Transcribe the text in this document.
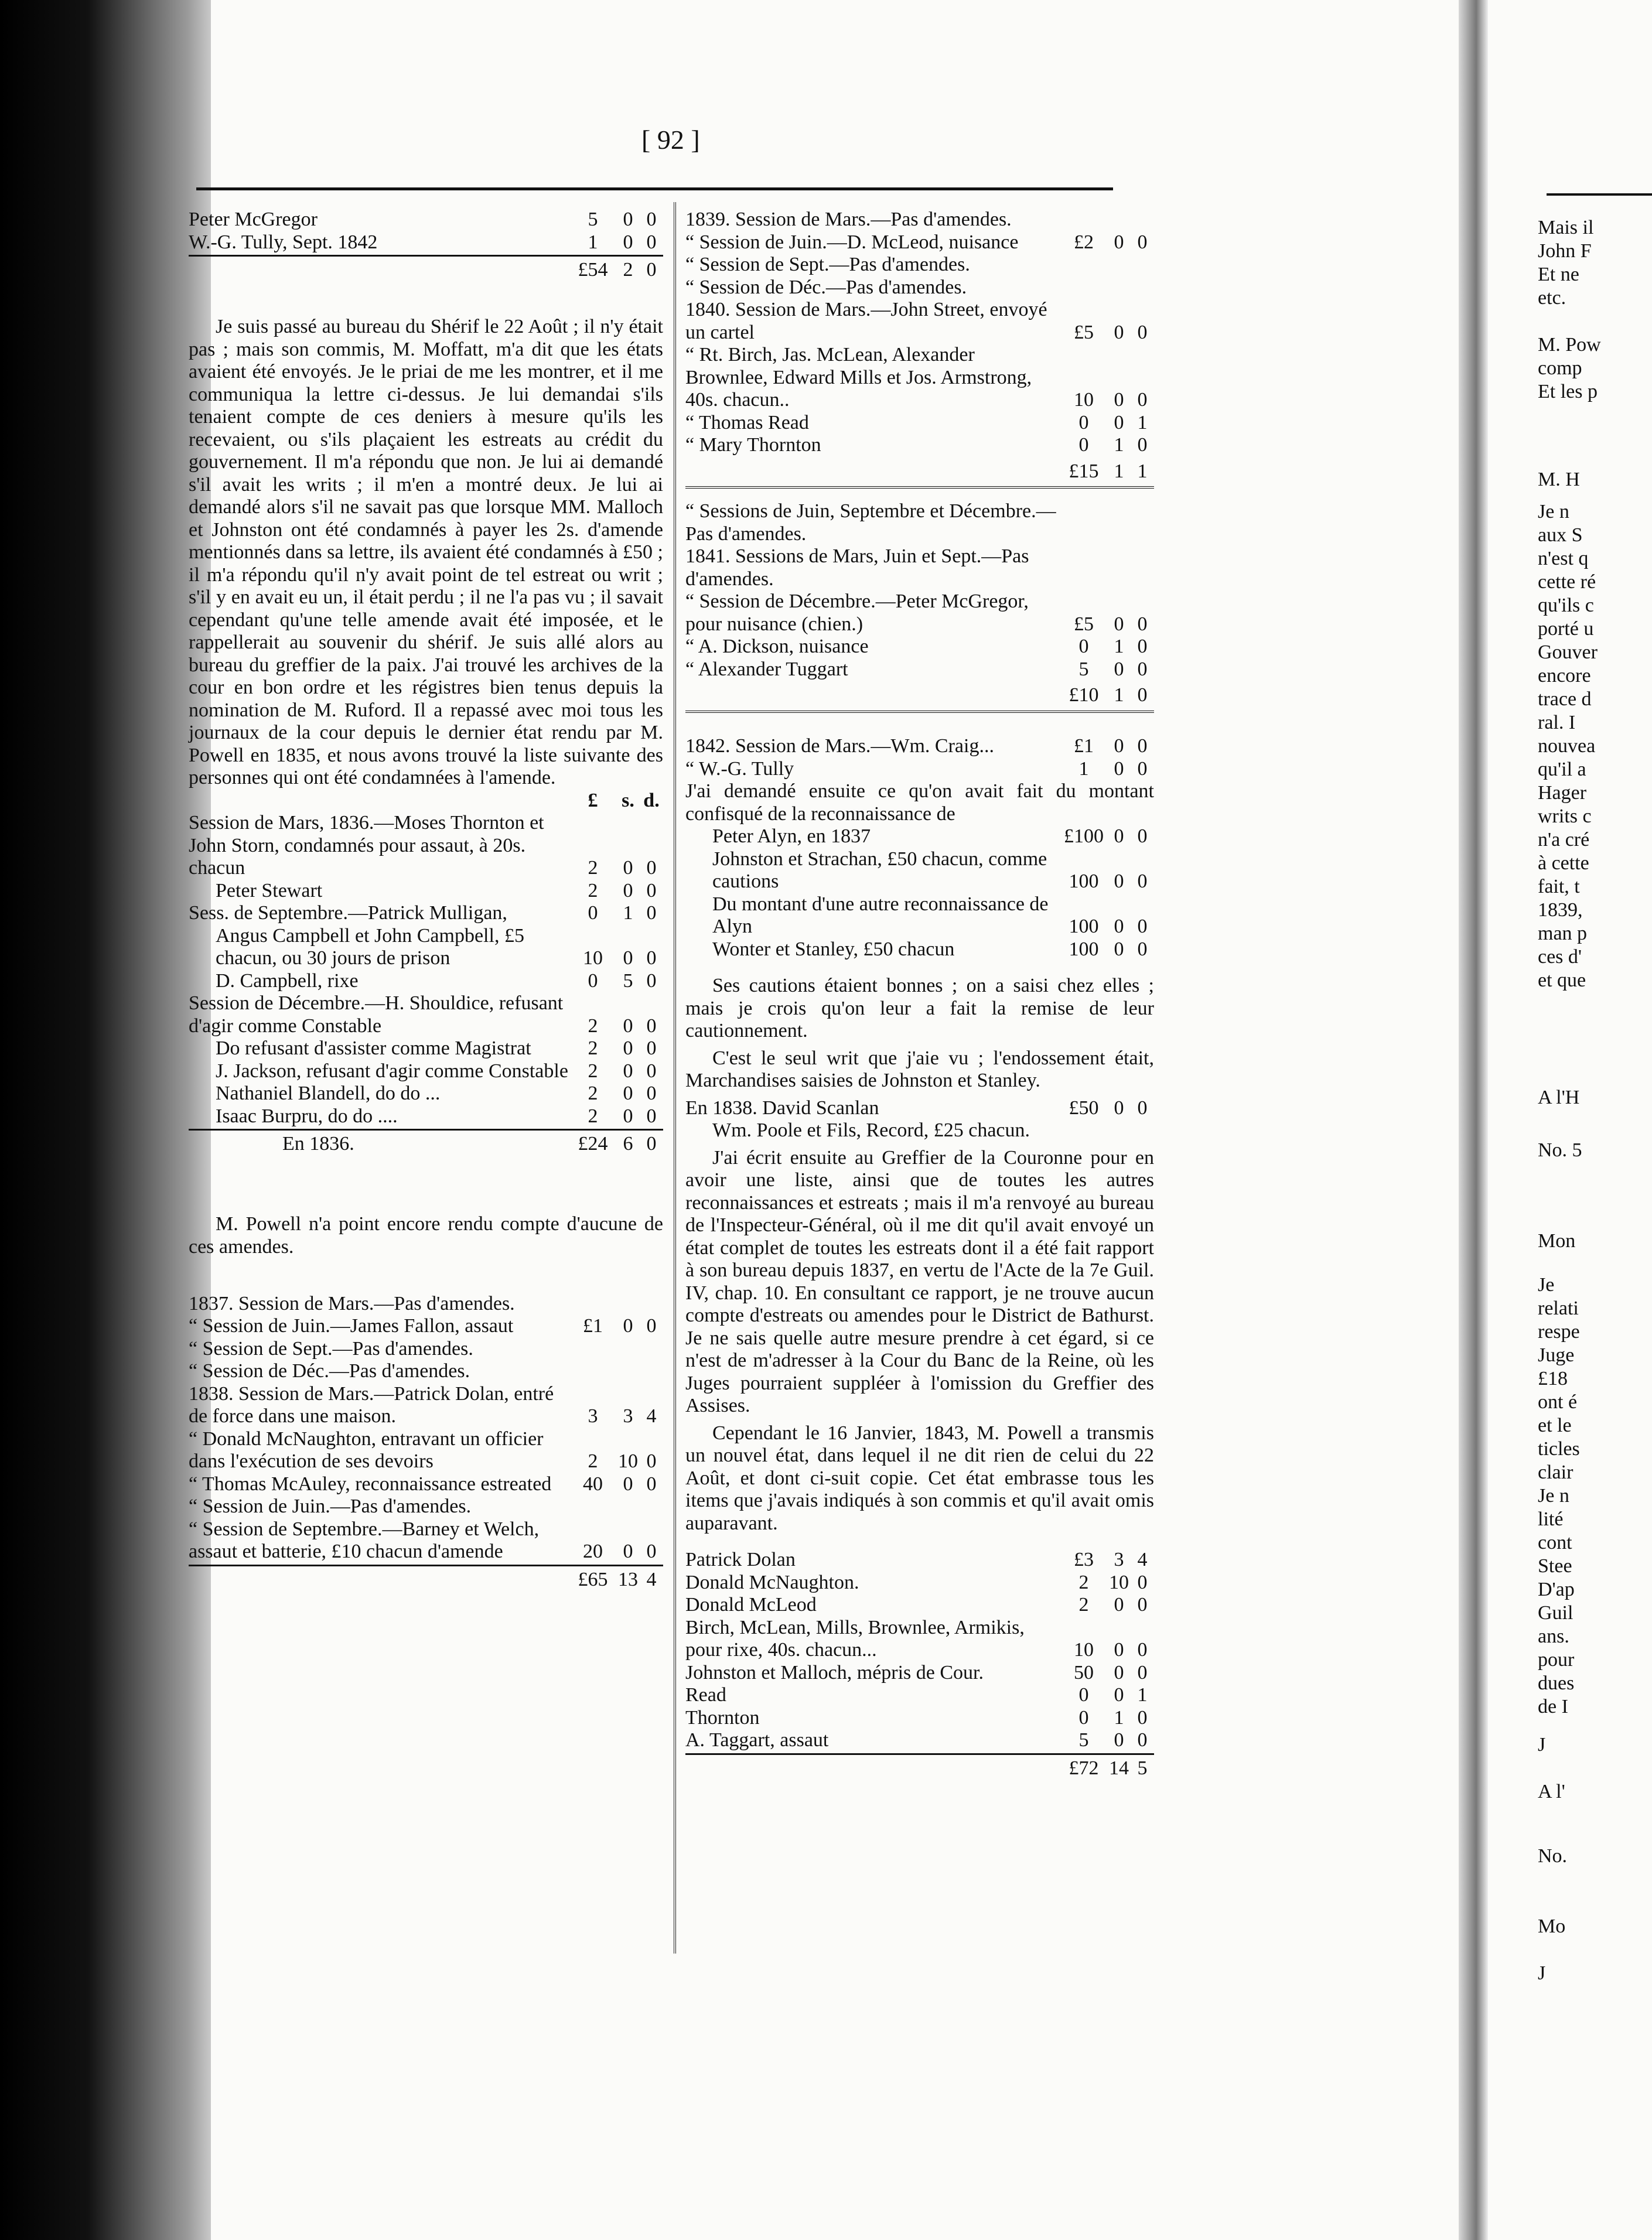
[ 92 ]
Peter McGregor	5	0 0
W.-G. Tully, Sept. 1842	1	0 0
£54 2 0

Je suis passé au bureau du Shérif le 22 Août ; il n'y était pas ; mais son commis, M. Moffatt, m'a dit que les états avaient été envoyés. Je le priai de me les montrer, et il me communiqua la lettre ci-dessus. Je lui demandai s'ils tenaient compte de ces deniers à mesure qu'ils les recevaient, ou s'ils plaçaient les estreats au crédit du gouvernement. Il m'a répondu que non. Je lui ai demandé s'il avait les writs ; il m'en a montré deux. Je lui ai demandé alors s'il ne savait pas que lorsque MM. Malloch et Johnston ont été condamnés à payer les 2s. d'amende mentionnés dans sa lettre, ils avaient été condamnés à £50 ; il m'a répondu qu'il n'y avait point de tel estreat ou writ ; s'il y en avait eu un, il était perdu ; il ne l'a pas vu ; il savait cependant qu'une telle amende avait été imposée, et le rappellerait au souvenir du shérif. Je suis allé alors au bureau du greffier de la paix. J'ai trouvé les archives de la cour en bon ordre et les régistres bien tenus depuis la nomination de M. Ruford. Il a repassé avec moi tous les journaux de la cour depuis le dernier état rendu par M. Powell en 1835, et nous avons trouvé la liste suivante des personnes qui ont été condamnées à l'amende.

£	s. d.
Session de Mars, 1836.—Moses Thornton et John Storn, condamnés pour assaut, à 20s. chacun	2	0 0
Peter Stewart	2	0 0
Sess. de Septembre.—Patrick Mulligan,	0	1 0
Angus Campbell et John Campbell, £5 chacun, ou 30 jours de prison	10	0 0
D. Campbell, rixe	0	5 0
Session de Décembre.—H. Shouldice, refusant d'agir comme Constable	2	0 0
Do refusant d'assister comme Magistrat	2	0 0
J. Jackson, refusant d'agir comme Constable 2	0 0
Nathaniel Blandell, do do ...	2	0 0
Isaac Burpru, do do ....	2	0 0
En 1836.	£24 6 0

M. Powell n'a point encore rendu compte d'aucune de ces amendes.

1837. Session de Mars.—Pas d'amendes.
“ Session de Juin.—James Fallon, assaut	£1	0 0
“ Session de Sept.—Pas d'amendes.
“ Session de Déc.—Pas d'amendes.
1838. Session de Mars.—Patrick Dolan, entré de force dans une maison.	3	3 4
“ Donald McNaughton, entravant un officier dans l'exécution de ses devoirs	2	10 0
“ Thomas McAuley, reconnaissance estreated	40	0 0
“ Session de Juin.—Pas d'amendes.
“ Session de Septembre.—Barney et Welch, assaut et batterie, £10 chacun d'amende	20	0 0
£65 13 4
1839. Session de Mars.—Pas d'amendes.
“ Session de Juin.—D. McLeod, nuisance	£2	0 0
“ Session de Sept.—Pas d'amendes.
“ Session de Déc.—Pas d'amendes.
1840. Session de Mars.—John Street, envoyé un cartel	£5	0 0
“ Rt. Birch, Jas. McLean, Alexander Brownlee, Edward Mills et Jos. Armstrong, 40s. chacun..	10	0 0
“ Thomas Read	0	0 1
“ Mary Thornton	0	1 0
£15 1 1
“ Sessions de Juin, Septembre et Décembre.—Pas d'amendes.
1841. Sessions de Mars, Juin et Sept.—Pas d'amendes.
“ Session de Décembre.—Peter McGregor, pour nuisance (chien.)	£5	0 0
“ A. Dickson, nuisance	0	1 0
“ Alexander Tuggart	5	0 0
£10 1 0
1842. Session de Mars.—Wm. Craig...	£1	0 0
“ W.-G. Tully	1	0 0

J'ai demandé ensuite ce qu'on avait fait du montant confisqué de la reconnaissance de

Peter Alyn, en 1837	£100 0 0
Johnston et Strachan, £50 chacun, comme cautions	100 0 0
Du montant d'une autre reconnaissance de Alyn	100 0 0
Wonter et Stanley, £50 chacun	100 0 0

Ses cautions étaient bonnes ; on a saisi chez elles ; mais je crois qu'on leur a fait la remise de leur cautionnement.

C'est le seul writ que j'aie vu ; l'endossement était, Marchandises saisies de Johnston et Stanley.

En 1838. David Scanlan	£50 0 0
Wm. Poole et Fils, Record, £25 chacun.

J'ai écrit ensuite au Greffier de la Couronne pour en avoir une liste, ainsi que de toutes les autres reconnaissances et estreats ; mais il m'a renvoyé au bureau de l'Inspecteur-Général, où il me dit qu'il avait envoyé un état complet de toutes les estreats dont il a été fait rapport à son bureau depuis 1837, en vertu de l'Acte de la 7e Guil. IV, chap. 10. En consultant ce rapport, je ne trouve aucun compte d'estreats ou amendes pour le District de Bathurst. Je ne sais quelle autre mesure prendre à cet égard, si ce n'est de m'adresser à la Cour du Banc de la Reine, où les Juges pourraient suppléer à l'omission du Greffier des Assises.

Cependant le 16 Janvier, 1843, M. Powell a transmis un nouvel état, dans lequel il ne dit rien de celui du 22 Août, et dont ci-suit copie. Cet état embrasse tous les items que j'avais indiqués à son commis et qu'il avait omis auparavant.

Patrick Dolan	£3	3 4
Donald McNaughton.	2	10 0
Donald McLeod	2	0 0
Birch, McLean, Mills, Brownlee, Armikis, pour rixe, 40s. chacun...	10	0 0
Johnston et Malloch, mépris de Cour.	50	0 0
Read	0	0 1
Thornton	0	1 0
A. Taggart, assaut	5	0 0
£72 14 5
Mais il
John F
Et ne
etc.
M. Pow
comp
Et les p
M. H
Je n
aux S
n'est q
cette ré
qu'ils c
porté u
Gouver
encore
trace d
ral. I
nouvea
qu'il a
Hager
writs c
n'a cré
à cette
fait, t
1839,
man p
ces d'
et que
A l'H
No. 5
Mon
Je
relati
respe
Juge
£18
ont é
et le
ticles
clair
Je n
lité
cont
Stee
D'ap
Guil
ans.
pour
dues
de I
J
A l'
No.
Mo
J
